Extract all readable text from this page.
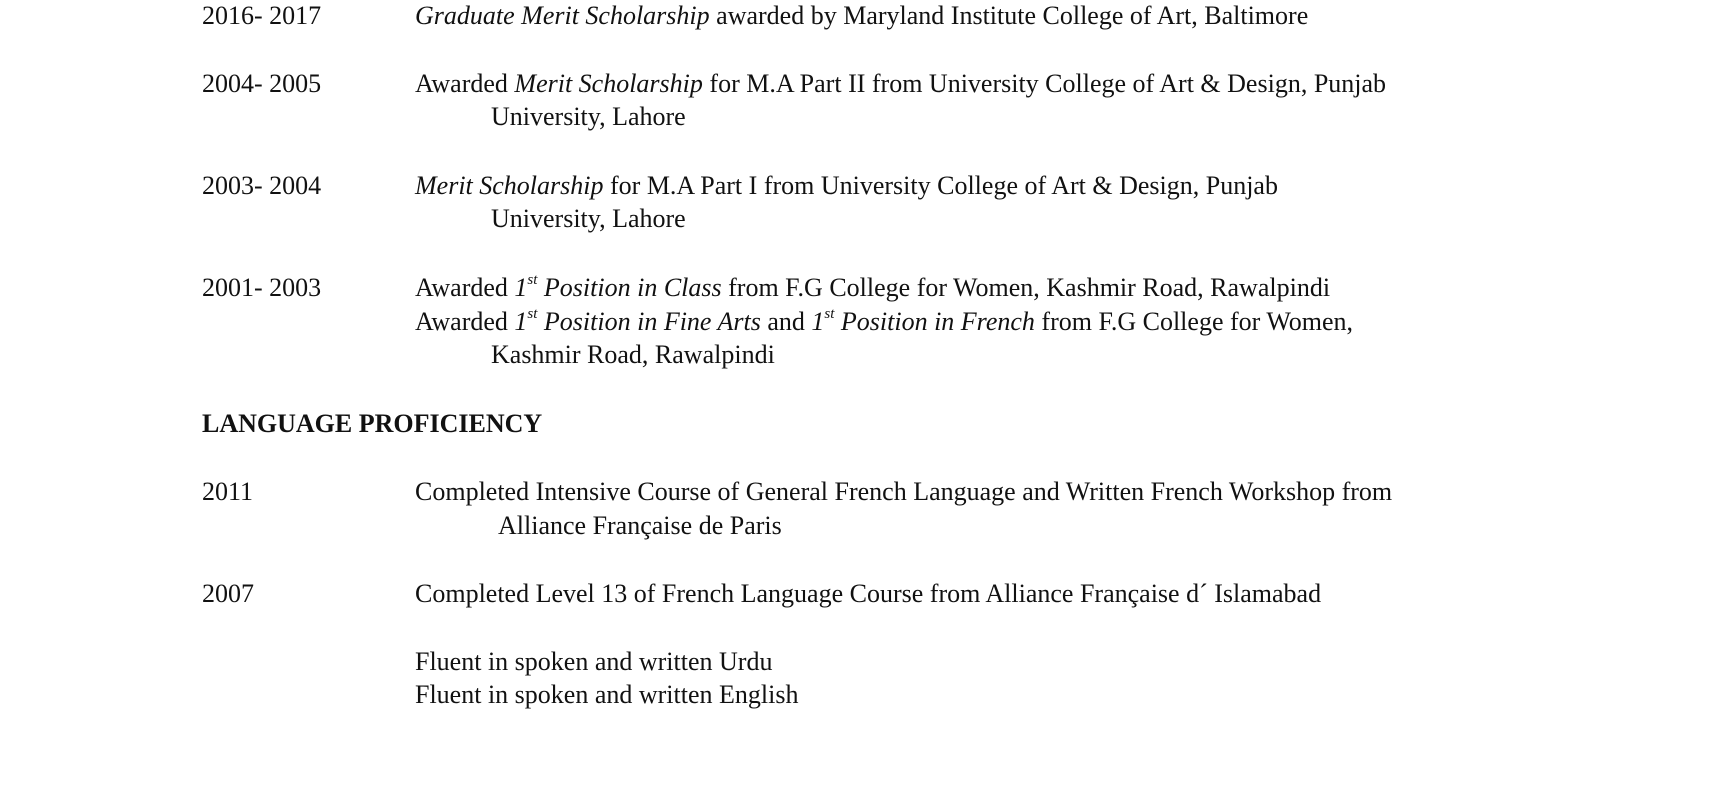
2016- 2017	Graduate Merit Scholarship awarded by Maryland Institute College of Art, Baltimore
2004- 2005	Awarded Merit Scholarship for M.A Part II from University College of Art & Design, Punjab
University, Lahore
2003- 2004	Merit Scholarship for M.A Part I from University College of Art & Design, Punjab
University, Lahore
2001- 2003	Awarded 1st Position in Class from F.G College for Women, Kashmir Road, Rawalpindi
Awarded 1st Position in Fine Arts and 1st Position in French from F.G College for Women,
Kashmir Road, Rawalpindi
LANGUAGE PROFICIENCY
2011	Completed Intensive Course of General French Language and Written French Workshop from
Alliance Française de Paris
2007	Completed Level 13 of French Language Course from Alliance Française d´ Islamabad
Fluent in spoken and written Urdu
Fluent in spoken and written English
